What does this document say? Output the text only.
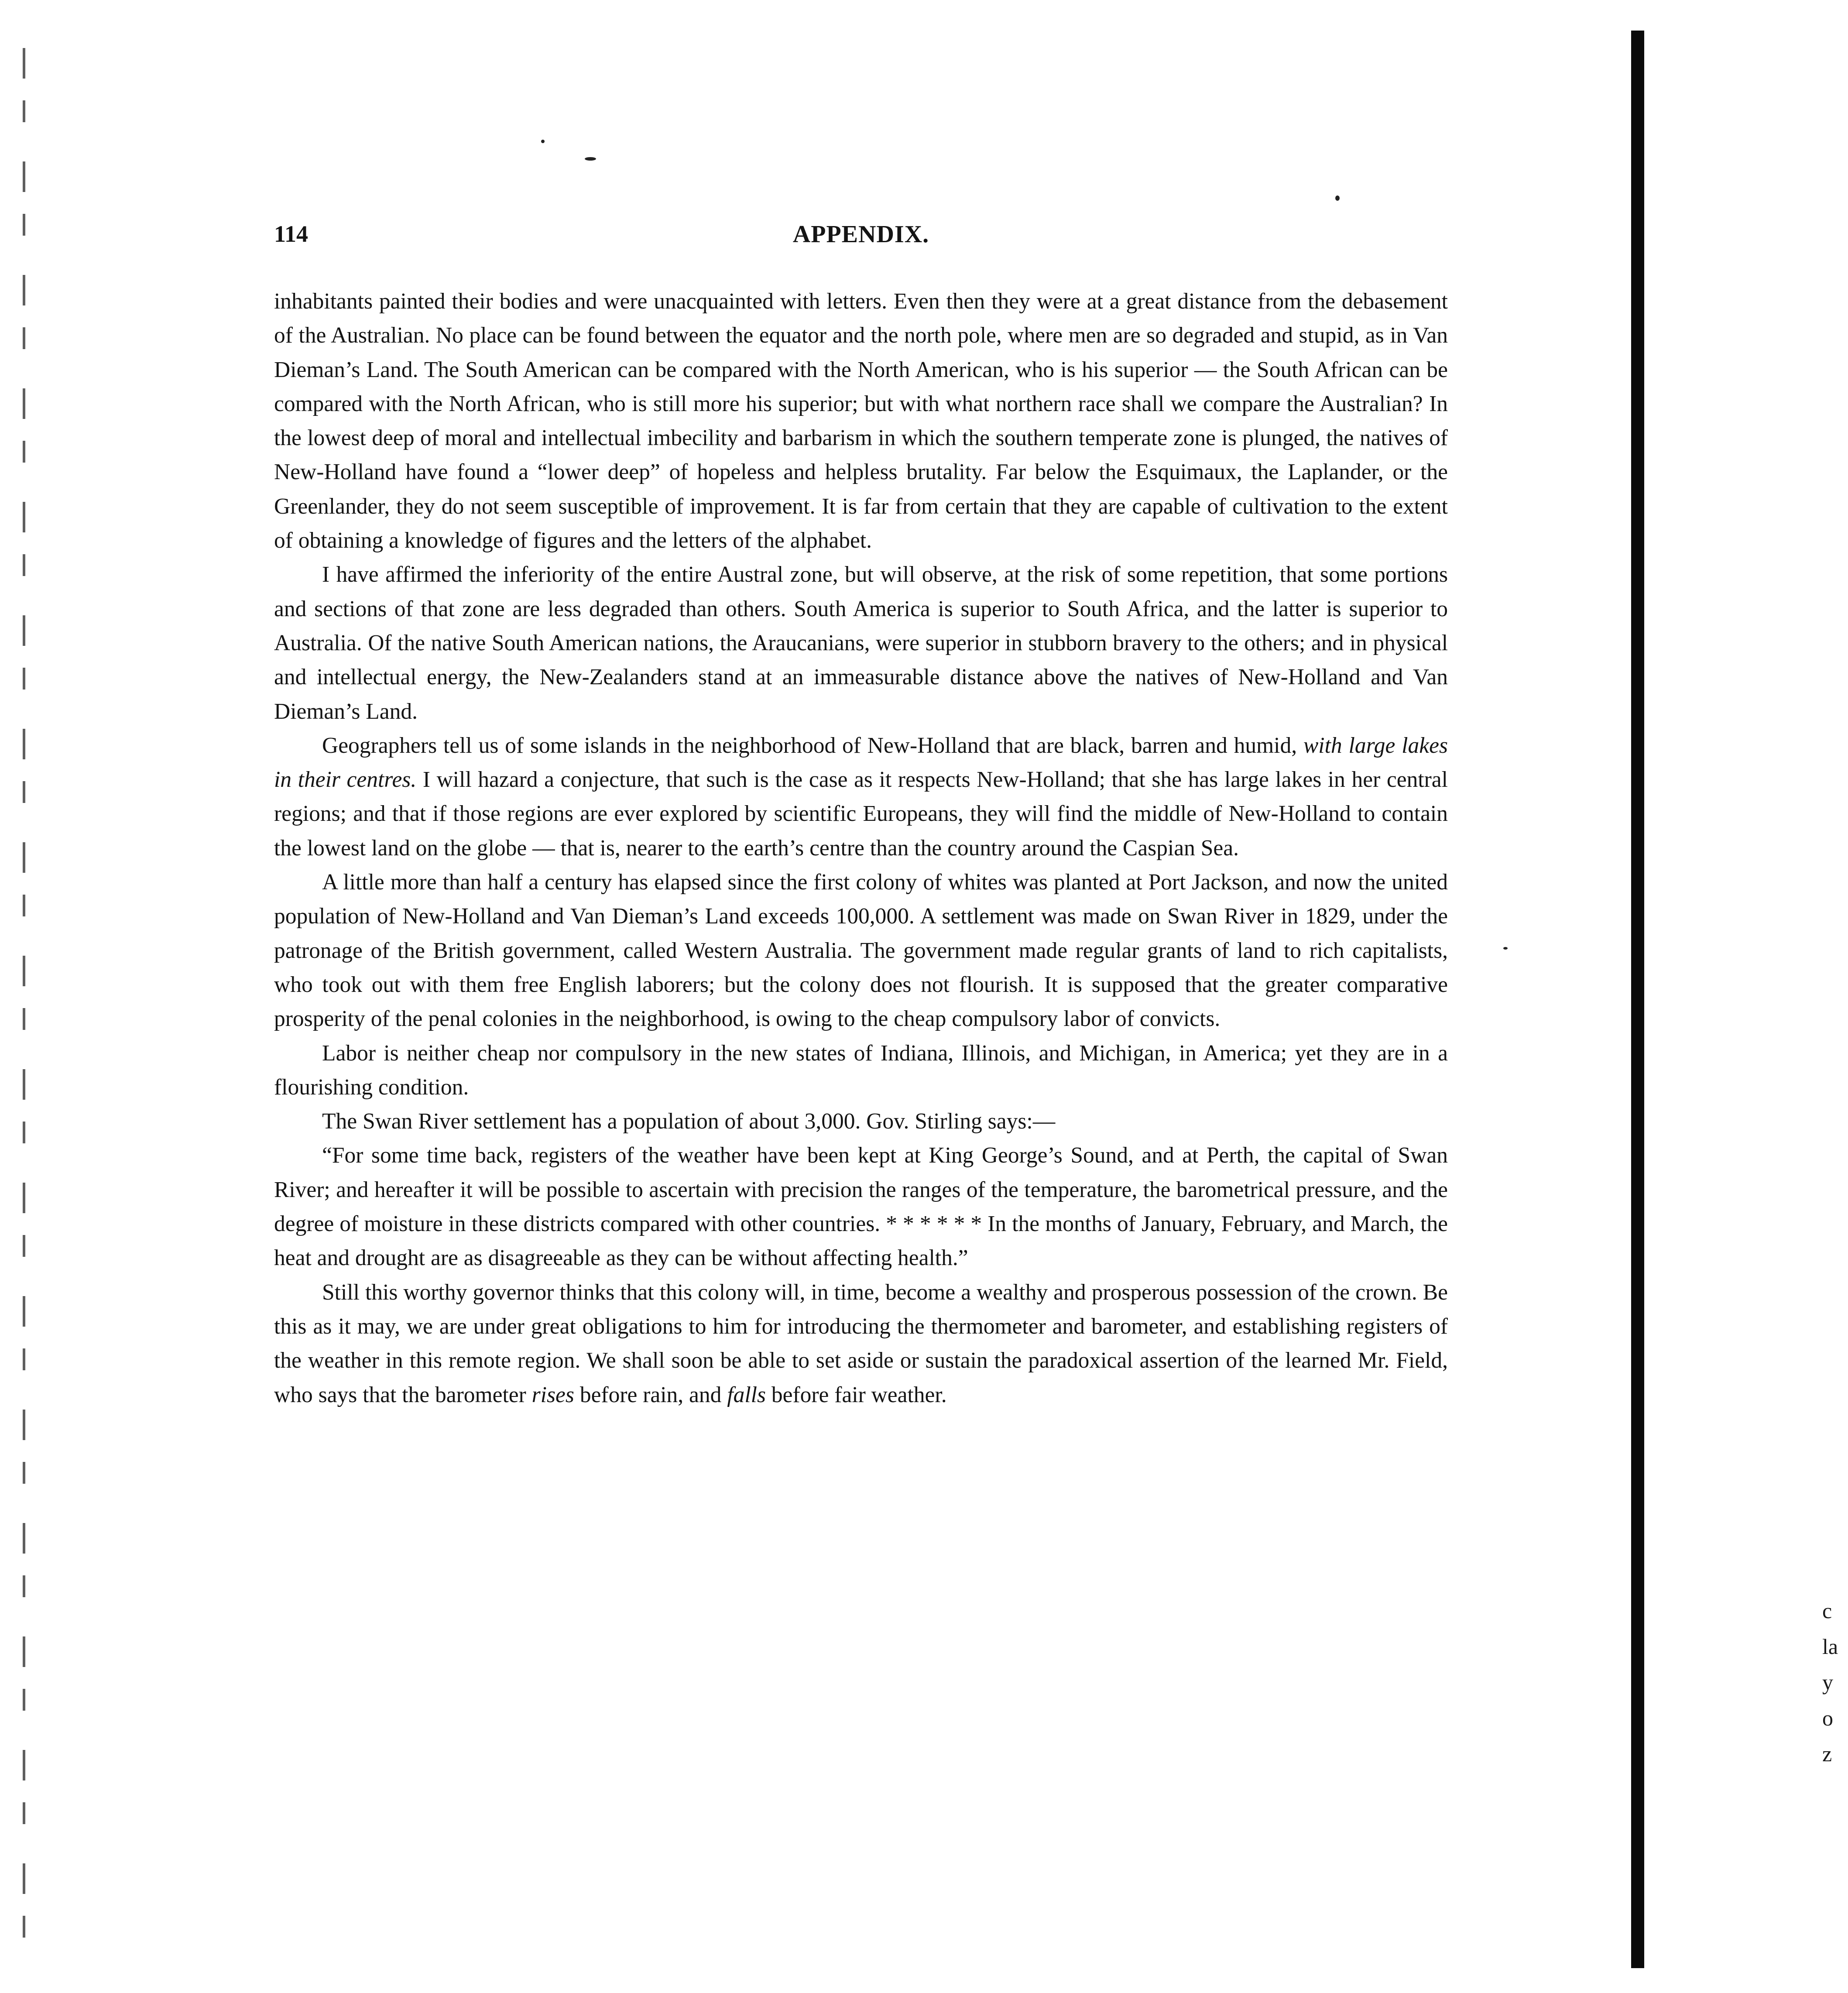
114	APPENDIX.

inhabitants painted their bodies and were unacquainted with letters. Even then they were at a great distance from the debasement of the Australian. No place can be found between the equator and the north pole, where men are so degraded and stupid, as in Van Dieman’s Land. The South American can be compared with the North American, who is his superior — the South African can be compared with the North African, who is still more his superior; but with what northern race shall we compare the Australian? In the lowest deep of moral and intellectual imbecility and barbarism in which the southern temperate zone is plunged, the natives of New-Holland have found a “lower deep” of hopeless and helpless brutality. Far below the Esquimaux, the Laplander, or the Greenlander, they do not seem susceptible of improvement. It is far from certain that they are capable of cultivation to the extent of obtaining a knowledge of figures and the letters of the alphabet.

I have affirmed the inferiority of the entire Austral zone, but will observe, at the risk of some repetition, that some portions and sections of that zone are less degraded than others. South America is superior to South Africa, and the latter is superior to Australia. Of the native South American nations, the Araucanians, were superior in stubborn bravery to the others; and in physical and intellectual energy, the New-Zealanders stand at an immeasurable distance above the natives of New-Holland and Van Dieman’s Land.

Geographers tell us of some islands in the neighborhood of New-Holland that are black, barren and humid, with large lakes in their centres. I will hazard a conjecture, that such is the case as it respects New-Holland; that she has large lakes in her central regions; and that if those regions are ever explored by scientific Europeans, they will find the middle of New-Holland to contain the lowest land on the globe — that is, nearer to the earth’s centre than the country around the Caspian Sea.

A little more than half a century has elapsed since the first colony of whites was planted at Port Jackson, and now the united population of New-Holland and Van Dieman’s Land exceeds 100,000. A settlement was made on Swan River in 1829, under the patronage of the British government, called Western Australia. The government made regular grants of land to rich capitalists, who took out with them free English laborers; but the colony does not flourish. It is supposed that the greater comparative prosperity of the penal colonies in the neighborhood, is owing to the cheap compulsory labor of convicts.

Labor is neither cheap nor compulsory in the new states of Indiana, Illinois, and Michigan, in America; yet they are in a flourishing condition.

The Swan River settlement has a population of about 3,000. Gov. Stirling says:—

“For some time back, registers of the weather have been kept at King George’s Sound, and at Perth, the capital of Swan River; and hereafter it will be possible to ascertain with precision the ranges of the temperature, the barometrical pressure, and the degree of moisture in these districts compared with other countries. * * * * * * In the months of January, February, and March, the heat and drought are as disagreeable as they can be without affecting health.”

Still this worthy governor thinks that this colony will, in time, become a wealthy and prosperous possession of the crown. Be this as it may, we are under great obligations to him for introducing the thermometer and barometer, and establishing registers of the weather in this remote region. We shall soon be able to set aside or sustain the paradoxical assertion of the learned Mr. Field, who says that the barometer rises before rain, and falls before fair weather.

c
la
y
o
z
